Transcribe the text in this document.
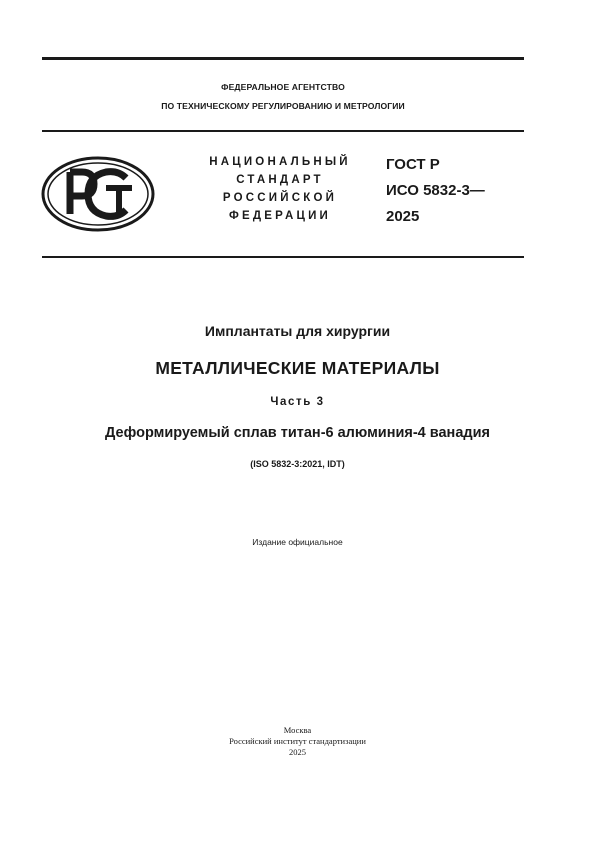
ФЕДЕРАЛЬНОЕ АГЕНТСТВО
ПО ТЕХНИЧЕСКОМУ РЕГУЛИРОВАНИЮ И МЕТРОЛОГИИ
НАЦИОНАЛЬНЫЙ
СТАНДАРТ
РОССИЙСКОЙ
ФЕДЕРАЦИИ
ГОСТ Р
ИСО 5832-3—
2025
Имплантаты для хирургии
МЕТАЛЛИЧЕСКИЕ МАТЕРИАЛЫ
Часть 3
Деформируемый сплав титан-6 алюминия-4 ванадия
(ISO 5832-3:2021, IDT)
Издание официальное
Москва
Российский институт стандартизации
2025
